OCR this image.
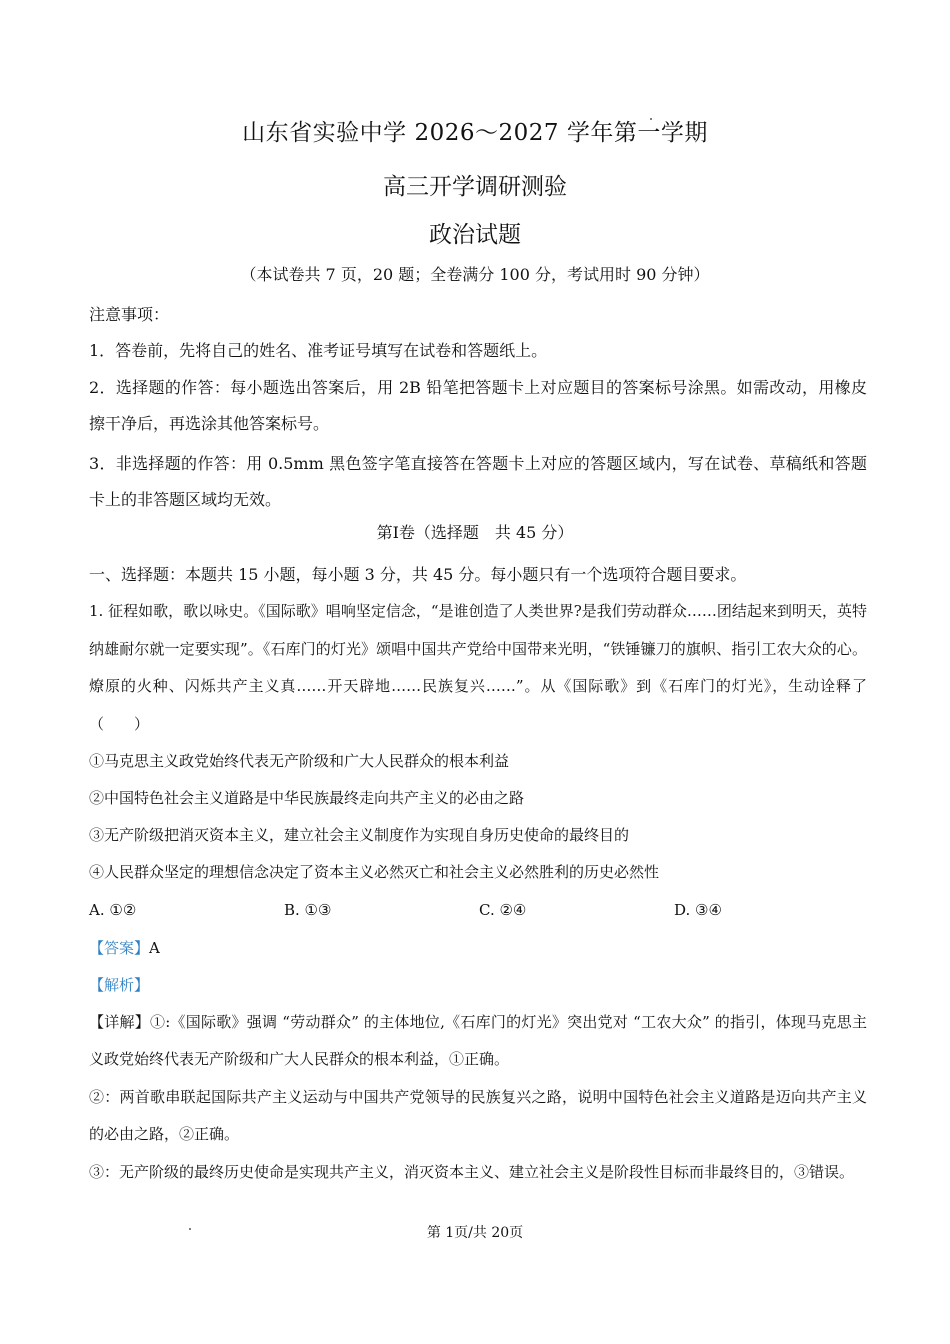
山东省实验中学 2026～2027 学年第一学期
高三开学调研测验
政治试题
（本试卷共 7 页，20 题；全卷满分 100 分，考试用时 90 分钟）

注意事项：

1．答卷前，先将自己的姓名、准考证号填写在试卷和答题纸上。

2．选择题的作答：每小题选出答案后，用 2B 铅笔把答题卡上对应题目的答案标号涂黑。如需改动，用橡皮擦干净后，再选涂其他答案标号。

3．非选择题的作答：用 0.5mm 黑色签字笔直接答在答题卡上对应的答题区域内，写在试卷、草稿纸和答题卡上的非答题区域均无效。

第Ⅰ卷（选择题　共 45 分）

一、选择题：本题共 15 小题，每小题 3 分，共 45 分。每小题只有一个选项符合题目要求。

1. 征程如歌，歌以咏史。《国际歌》唱响坚定信念，“是谁创造了人类世界?是我们劳动群众……团结起来到明天，英特纳雄耐尔就一定要实现”。《石库门的灯光》颂唱中国共产党给中国带来光明，“铁锤镰刀的旗帜、指引工农大众的心。燎原的火种、闪烁共产主义真……开天辟地……民族复兴……”。从《国际歌》到《石库门的灯光》，生动诠释了（　　）

①马克思主义政党始终代表无产阶级和广大人民群众的根本利益

②中国特色社会主义道路是中华民族最终走向共产主义的必由之路

③无产阶级把消灭资本主义，建立社会主义制度作为实现自身历史使命的最终目的

④人民群众坚定的理想信念决定了资本主义必然灭亡和社会主义必然胜利的历史必然性

A. ①②	B. ①③	C. ②④	D. ③④

【答案】A

【解析】

【详解】①:《国际歌》强调 “劳动群众” 的主体地位,《石库门的灯光》突出党对 “工农大众” 的指引，体现马克思主义政党始终代表无产阶级和广大人民群众的根本利益，①正确。

②：两首歌串联起国际共产主义运动与中国共产党领导的民族复兴之路，说明中国特色社会主义道路是迈向共产主义的必由之路，②正确。

③：无产阶级的最终历史使命是实现共产主义，消灭资本主义、建立社会主义是阶段性目标而非最终目的，③错误。

第 1页/共 20页
